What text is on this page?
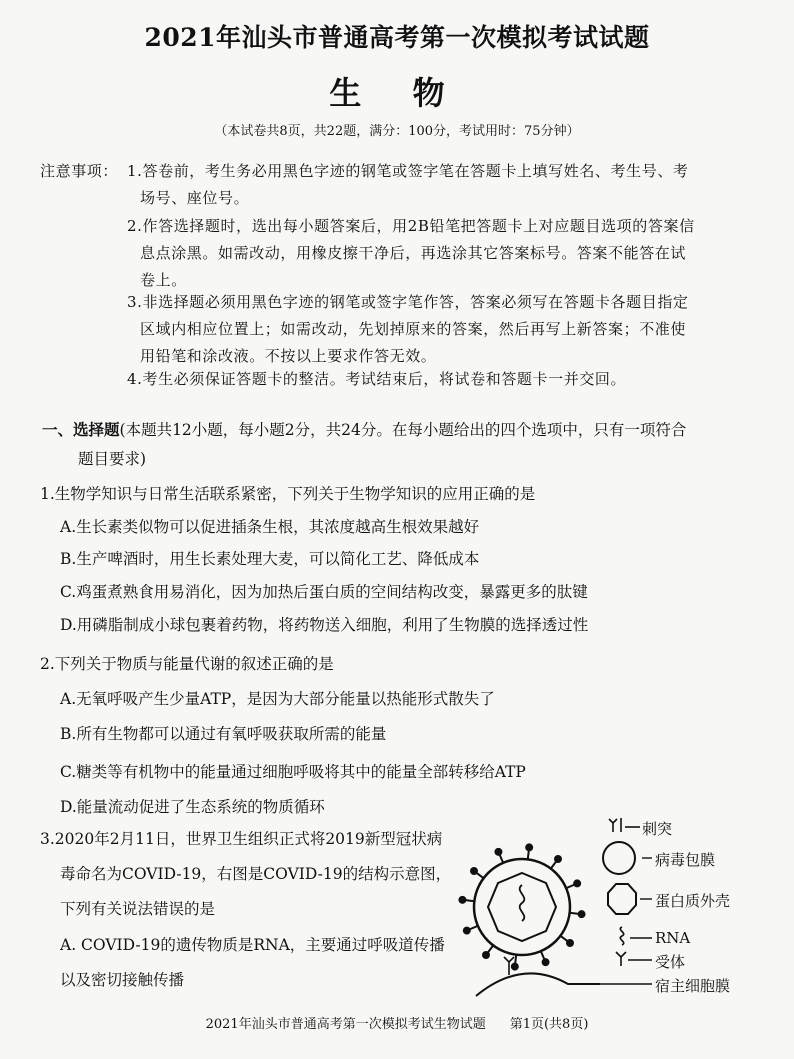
2021年汕头市普通高考第一次模拟考试试题
生 物
（本试卷共8页，共22题，满分：100分，考试用时：75分钟）
注意事项： 1.答卷前，考生务必用黑色字迹的钢笔或签字笔在答题卡上填写姓名、考生号、考
场号、座位号。
2.作答选择题时，选出每小题答案后，用2B铅笔把答题卡上对应题目选项的答案信
息点涂黑。如需改动，用橡皮擦干净后，再选涂其它答案标号。答案不能答在试
卷上。
3.非选择题必须用黑色字迹的钢笔或签字笔作答，答案必须写在答题卡各题目指定
区域内相应位置上；如需改动，先划掉原来的答案，然后再写上新答案；不准使
用铅笔和涂改液。不按以上要求作答无效。
4.考生必须保证答题卡的整洁。考试结束后，将试卷和答题卡一并交回。
一、选择题(本题共12小题，每小题2分，共24分。在每小题给出的四个选项中，只有一项符合
题目要求)
1.生物学知识与日常生活联系紧密，下列关于生物学知识的应用正确的是
A.生长素类似物可以促进插条生根，其浓度越高生根效果越好
B.生产啤酒时，用生长素处理大麦，可以简化工艺、降低成本
C.鸡蛋煮熟食用易消化，因为加热后蛋白质的空间结构改变，暴露更多的肽键
D.用磷脂制成小球包裹着药物，将药物送入细胞，利用了生物膜的选择透过性
2.下列关于物质与能量代谢的叙述正确的是
A.无氧呼吸产生少量ATP，是因为大部分能量以热能形式散失了
B.所有生物都可以通过有氧呼吸获取所需的能量
C.糖类等有机物中的能量通过细胞呼吸将其中的能量全部转移给ATP
D.能量流动促进了生态系统的物质循环
3.2020年2月11日，世界卫生组织正式将2019新型冠状病
毒命名为COVID-19，右图是COVID-19的结构示意图，
下列有关说法错误的是
A. COVID-19的遗传物质是RNA，主要通过呼吸道传播
以及密切接触传播
刺突
病毒包膜
蛋白质外壳
RNA
受体
宿主细胞膜
2021年汕头市普通高考第一次模拟考试生物试题 第1页(共8页)
